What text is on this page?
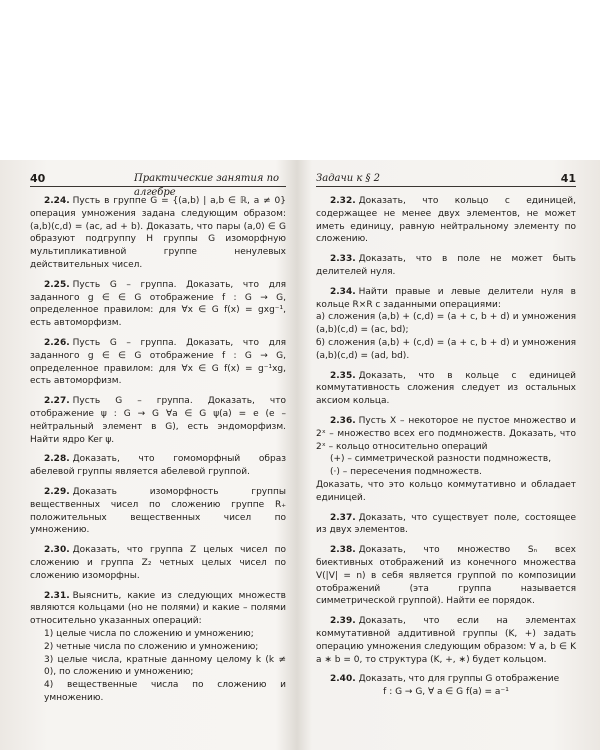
40	Практические занятия по алгебре
2.24. Пусть в группе G = {(a,b) | a,b ∈ ℝ, a ≠ 0} операция умножения задана следующим образом: (a,b)(c,d) = (ac, ad + b). Доказать, что пары (a,0) ∈ G образуют подгруппу H группы G изоморфную мультипликативной группе ненулевых действительных чисел.
2.25. Пусть G – группа. Доказать, что для заданного g ∈ ∈ G отображение f : G → G, определенное правилом: для ∀x ∈ G f(x) = gxg⁻¹, есть автоморфизм.
2.26. Пусть G – группа. Доказать, что для заданного g ∈ ∈ G отображение f : G → G, определенное правилом: для ∀x ∈ G f(x) = g⁻¹xg, есть автоморфизм.
2.27. Пусть G – группа. Доказать, что отображение ψ : G → G ∀a ∈ G ψ(a) = e (e – нейтральный элемент в G), есть эндоморфизм. Найти ядро Ker ψ.
2.28. Доказать, что гомоморфный образ абелевой группы является абелевой группой.
2.29. Доказать изоморфность группы вещественных чисел по сложению группе R₊ положительных вещественных чисел по умножению.
2.30. Доказать, что группа Z целых чисел по сложению и группа Z₂ четных целых чисел по сложению изоморфны.
2.31. Выяснить, какие из следующих множеств являются кольцами (но не полями) и какие – полями относительно указанных операций:
1) целые числа по сложению и умножению;
2) четные числа по сложению и умножению;
3) целые числа, кратные данному целому k (k ≠ 0), по сложению и умножению;
4) вещественные числа по сложению и умножению.
Задачи к § 2	41
2.32. Доказать, что кольцо с единицей, содержащее не менее двух элементов, не может иметь единицу, равную нейтральному элементу по сложению.
2.33. Доказать, что в поле не может быть делителей нуля.
2.34. Найти правые и левые делители нуля в кольце R×R с заданными операциями:
а) сложения (a,b) + (c,d) = (a + c, b + d) и умножения (a,b)(c,d) = (ac, bd);
б) сложения (a,b) + (c,d) = (a + c, b + d) и умножения (a,b)(c,d) = (ad, bd).
2.35. Доказать, что в кольце с единицей коммутативность сложения следует из остальных аксиом кольца.
2.36. Пусть X – некоторое не пустое множество и 2ˣ – множество всех его подмножеств. Доказать, что 2ˣ – кольцо относительно операций
(+) – симметрической разности подмножеств,
(·) – пересечения подмножеств.
Доказать, что это кольцо коммутативно и обладает единицей.
2.37. Доказать, что существует поле, состоящее из двух элементов.
2.38. Доказать, что множество Sₙ всех биективных отображений из конечного множества V(|V| = n) в себя является группой по композиции отображений (эта группа называется симметрической группой). Найти ее порядок.
2.39. Доказать, что если на элементах коммутативной аддитивной группы (K, +) задать операцию умножения следующим образом: ∀ a, b ∈ K a ∗ b = 0, то структура (K, +, ∗) будет кольцом.
2.40. Доказать, что для группы G отображение
f : G → G, ∀ a ∈ G f(a) = a⁻¹
